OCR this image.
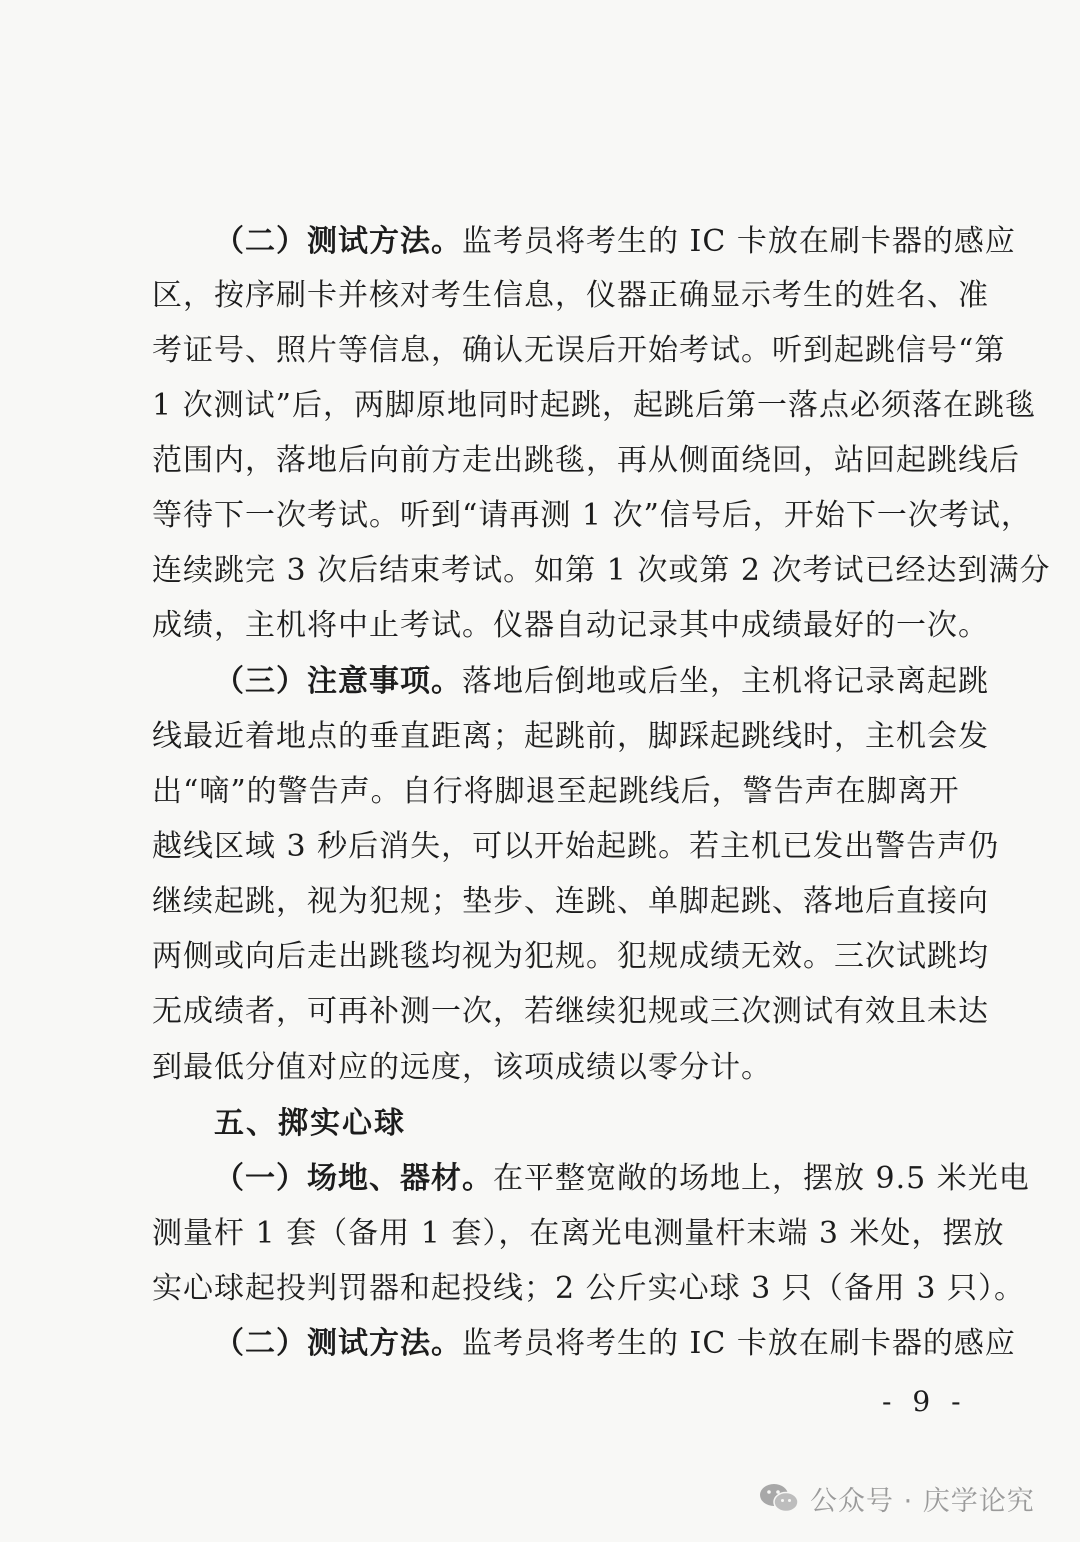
（二）测试方法。监考员将考生的 IC 卡放在刷卡器的感应
区，按序刷卡并核对考生信息，仪器正确显示考生的姓名、准
考证号、照片等信息，确认无误后开始考试。听到起跳信号“第
1 次测试”后，两脚原地同时起跳，起跳后第一落点必须落在跳毯
范围内，落地后向前方走出跳毯，再从侧面绕回，站回起跳线后
等待下一次考试。听到“请再测 1 次”信号后，开始下一次考试，
连续跳完 3 次后结束考试。如第 1 次或第 2 次考试已经达到满分
成绩，主机将中止考试。仪器自动记录其中成绩最好的一次。
（三）注意事项。落地后倒地或后坐，主机将记录离起跳
线最近着地点的垂直距离；起跳前，脚踩起跳线时，主机会发
出“嘀”的警告声。自行将脚退至起跳线后，警告声在脚离开
越线区域 3 秒后消失，可以开始起跳。若主机已发出警告声仍
继续起跳，视为犯规；垫步、连跳、单脚起跳、落地后直接向
两侧或向后走出跳毯均视为犯规。犯规成绩无效。三次试跳均
无成绩者，可再补测一次，若继续犯规或三次测试有效且未达
到最低分值对应的远度，该项成绩以零分计。
五、掷实心球
（一）场地、器材。在平整宽敞的场地上，摆放 9.5 米光电
测量杆 1 套（备用 1 套），在离光电测量杆末端 3 米处，摆放
实心球起投判罚器和起投线；2 公斤实心球 3 只（备用 3 只）。
（二）测试方法。监考员将考生的 IC 卡放在刷卡器的感应
- 9 -
公众号 · 庆学论究
